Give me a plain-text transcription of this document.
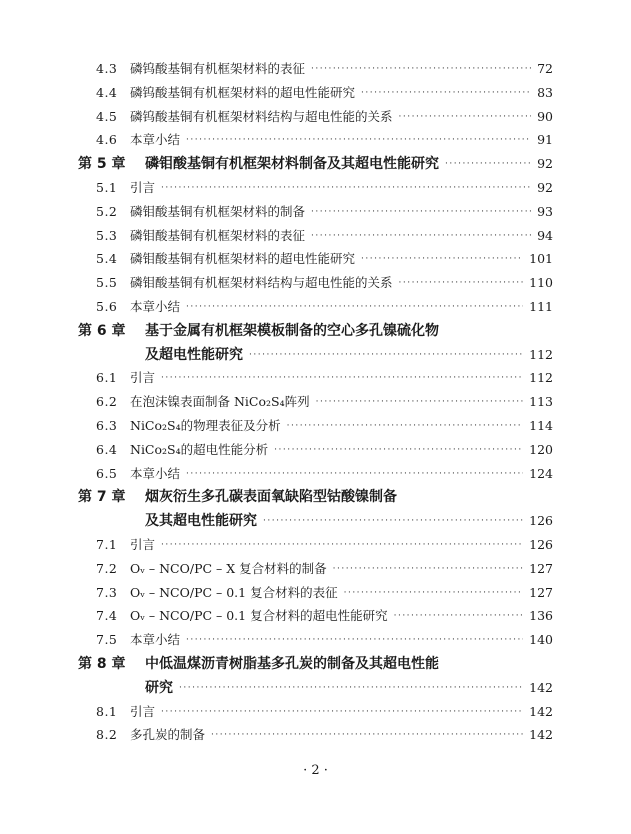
4.3	磷钨酸基铜有机框架材料的表征 ·····	72
4.4	磷钨酸基铜有机框架材料的超电性能研究 ·····	83
4.5	磷钨酸基铜有机框架材料结构与超电性能的关系 ·····	90
4.6	本章小结 ·····	91
第 5 章	磷钼酸基铜有机框架材料制备及其超电性能研究 ·····	92
5.1	引言 ·····	92
5.2	磷钼酸基铜有机框架材料的制备 ·····	93
5.3	磷钼酸基铜有机框架材料的表征 ·····	94
5.4	磷钼酸基铜有机框架材料的超电性能研究 ·····	101
5.5	磷钼酸基铜有机框架材料结构与超电性能的关系 ·····	110
5.6	本章小结 ·····	111
第 6 章	基于金属有机框架模板制备的空心多孔镍硫化物
及超电性能研究 ·····	112
6.1	引言 ·····	112
6.2	在泡沫镍表面制备 NiCo₂S₄阵列 ·····	113
6.3	NiCo₂S₄的物理表征及分析 ·····	114
6.4	NiCo₂S₄的超电性能分析 ·····	120
6.5	本章小结 ·····	124
第 7 章	烟灰衍生多孔碳表面氧缺陷型钴酸镍制备
及其超电性能研究 ·····	126
7.1	引言 ·····	126
7.2	Oᵥ – NCO/PC – X 复合材料的制备 ·····	127
7.3	Oᵥ – NCO/PC – 0.1 复合材料的表征 ·····	127
7.4	Oᵥ – NCO/PC – 0.1 复合材料的超电性能研究 ·····	136
7.5	本章小结 ·····	140
第 8 章	中低温煤沥青树脂基多孔炭的制备及其超电性能
研究 ·····	142
8.1	引言 ·····	142
8.2	多孔炭的制备 ·····	142
· 2 ·
